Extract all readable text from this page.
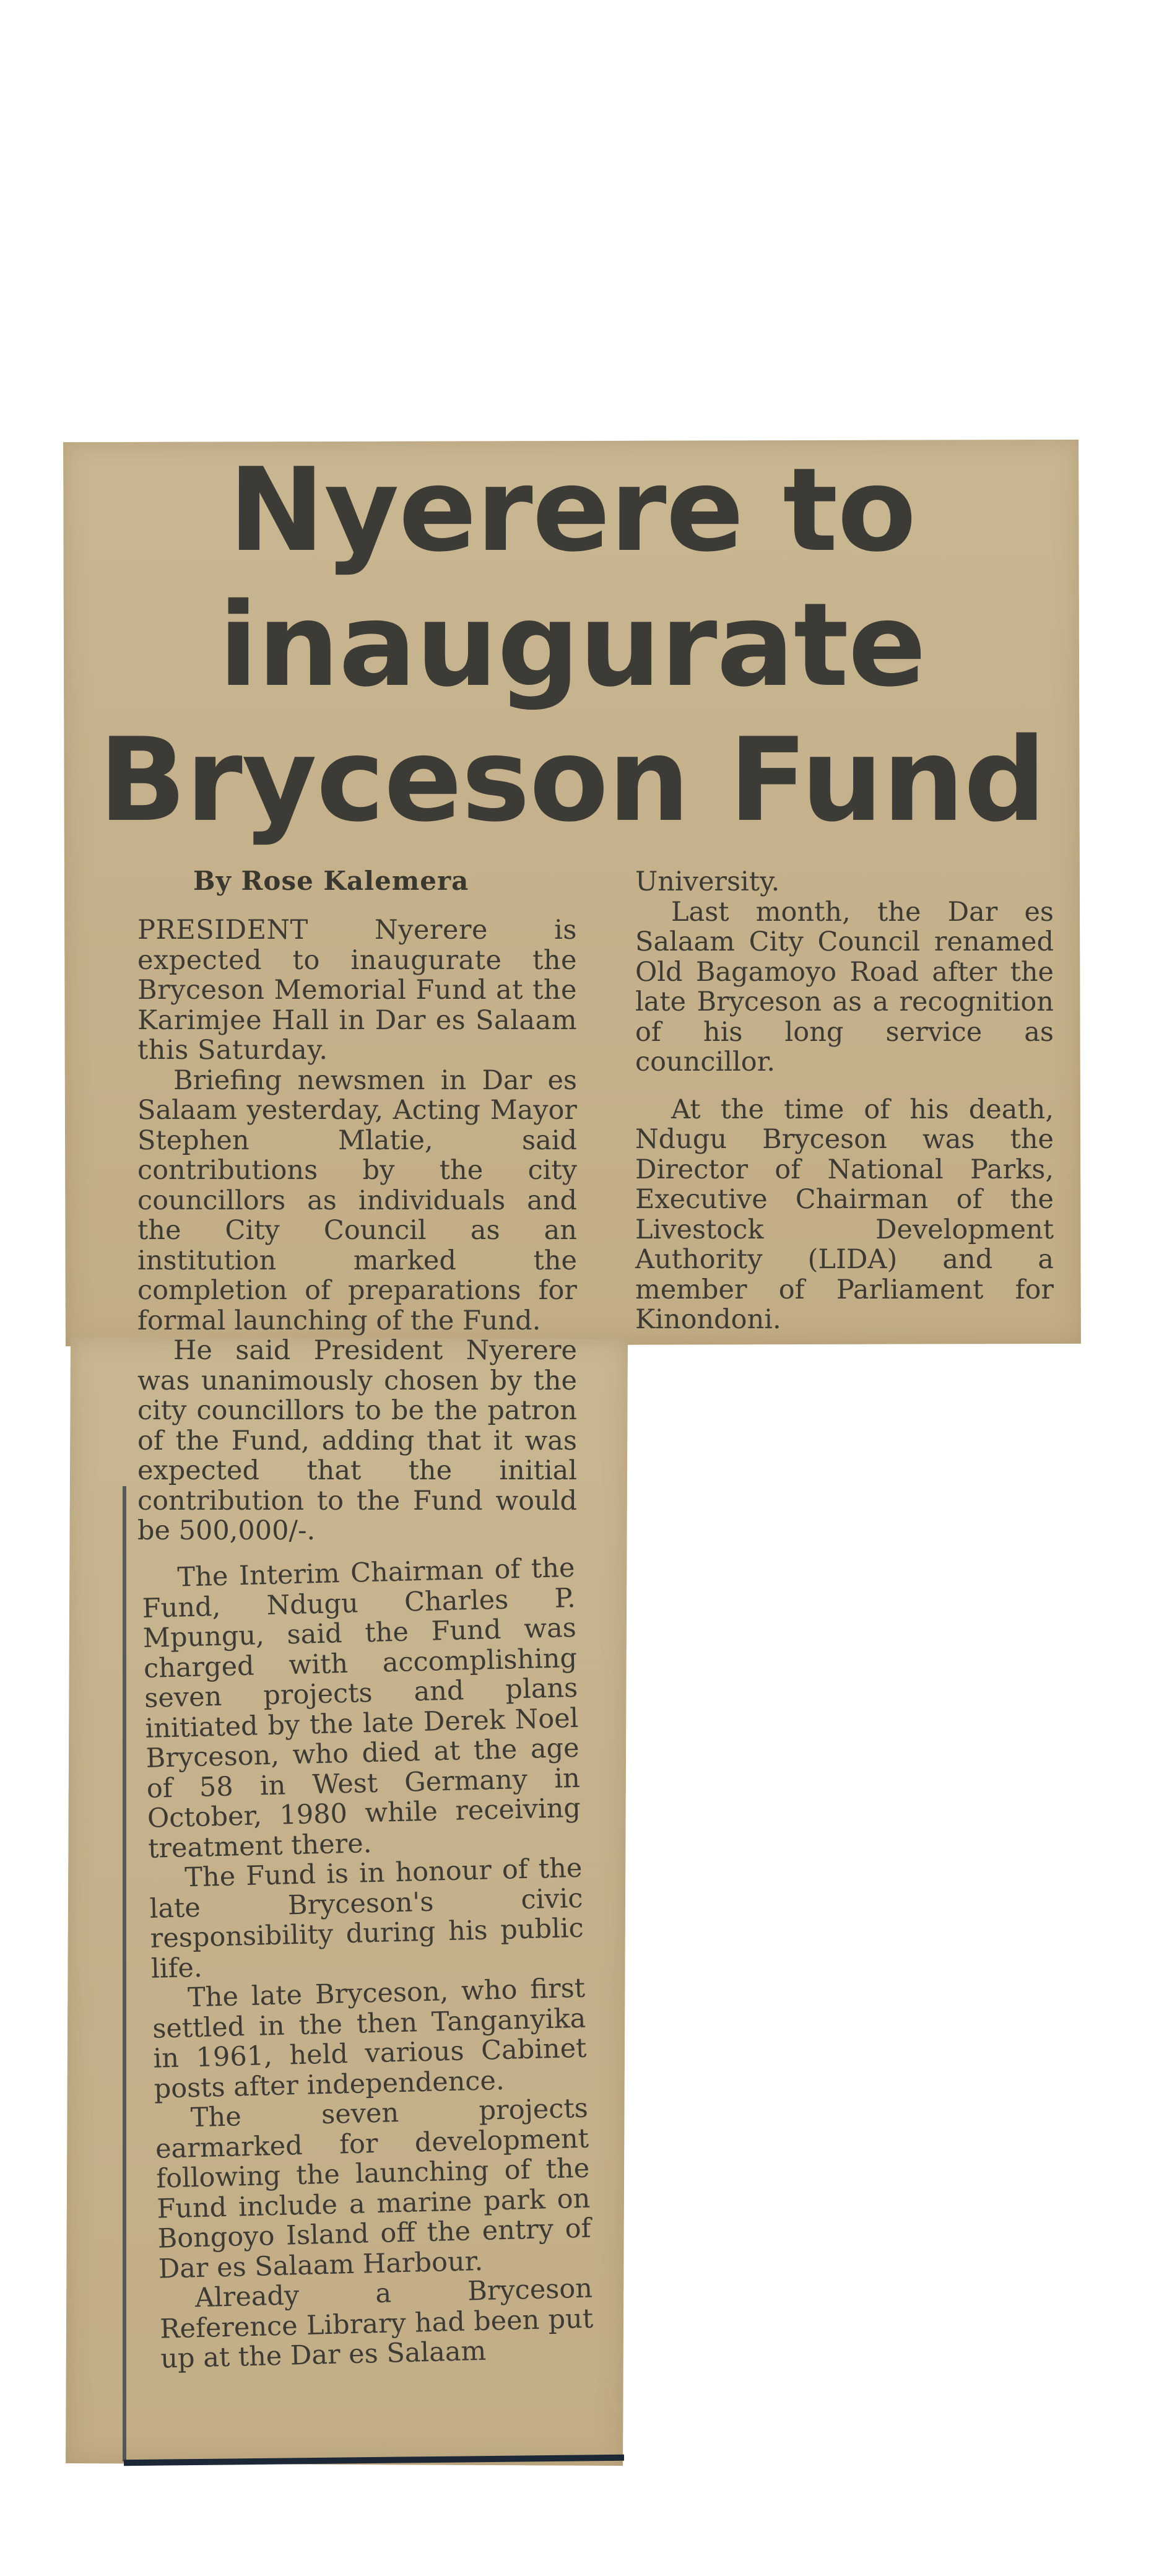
Nyerere to
inaugurate
Bryceson Fund
By Rose Kalemera

PRESIDENT Nyerere is expected to inaugurate the Bryceson Memorial Fund at the Karimjee Hall in Dar es Salaam this Saturday.

Briefing newsmen in Dar es Salaam yesterday, Acting Mayor Stephen Mlatie, said contributions by the city councillors as individuals and the City Council as an institution marked the completion of preparations for formal launching of the Fund.

He said President Nyerere was unanimously chosen by the city councillors to be the patron of the Fund, adding that it was expected that the initial contribution to the Fund would be 500,000/-.

The Interim Chairman of the Fund, Ndugu Charles P. Mpungu, said the Fund was charged with accomplishing seven projects and plans initiated by the late Derek Noel Bryceson, who died at the age of 58 in West Germany in October, 1980 while receiving treatment there.

The Fund is in honour of the late Bryceson's civic responsibility during his public life.

The late Bryceson, who first settled in the then Tanganyika in 1961, held various Cabinet posts after independence.

The seven projects earmarked for development following the launching of the Fund include a marine park on Bongoyo Island off the entry of Dar es Salaam Harbour.

Already a Bryceson Reference Library had been put up at the Dar es Salaam

University.

Last month, the Dar es Salaam City Council renamed Old Bagamoyo Road after the late Bryceson as a recognition of his long service as councillor.

At the time of his death, Ndugu Bryceson was the Director of National Parks, Executive Chairman of the Livestock Development Authority (LIDA) and a member of Parliament for Kinondoni.
